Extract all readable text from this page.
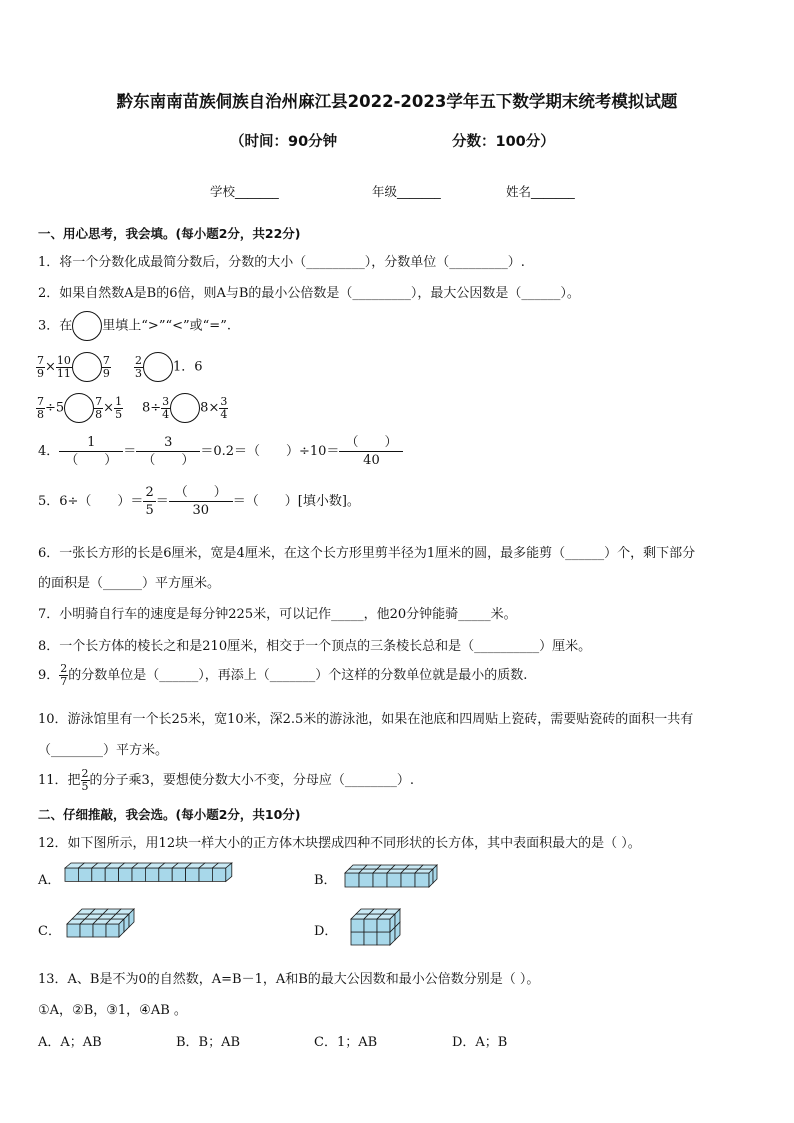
黔东南南苗族侗族自治州麻江县2022-2023学年五下数学期末统考模拟试题
（时间：90分钟	分数：100分）
学校_______	年级_______	姓名_______
一、用心思考，我会填。(每小题2分，共22分)
1．将一个分数化成最简分数后，分数的大小（_________），分数单位（_________）.
2．如果自然数A是B的6倍，则A与B的最小公倍数是（_________），最大公因数是（______）。
3．在 里填上“>”“<”或“=”.
$\frac{7}{9} \times \frac{10}{11}$	$\frac{7}{9} \frac{2}{3} 1$．6
$\frac{7}{8} \div 5$	$\frac{7}{8} \times \frac{1}{5} 8\div \frac{3}{4} 8\times \frac{3}{4}$
4．
1
（　　）
＝
3
（　　）
＝0.2＝（　　）÷10＝
（　　）
40
5．6÷（　　）＝ $\frac{2}{5}$ ＝
（　　）
30
＝（　　）[填小数]。
6．一张长方形的长是6厘米，宽是4厘米，在这个长方形里剪半径为1厘米的圆，最多能剪（______）个，剩下部分
的面积是（______）平方厘米。
7．小明骑自行车的速度是每分钟225米，可以记作_____，他20分钟能骑_____米。
8．一个长方体的棱长之和是210厘米，相交于一个顶点的三条棱长总和是（__________）厘米。
9． $\frac{2}{7}$ 的分数单位是（______），再添上（_______）个这样的分数单位就是最小的质数.
10．游泳馆里有一个长25米，宽10米，深2.5米的游泳池，如果在池底和四周贴上瓷砖，需要贴瓷砖的面积一共有
（________）平方米。
11．把 $\frac{2}{5}$ 的分子乘3，要想使分数大小不变，分母应（________）.
二、仔细推敲，我会选。(每小题2分，共10分)
12．如下图所示，用12块一样大小的正方体木块摆成四种不同形状的长方体，其中表面积最大的是（ ）。
A．	B．
C．	D．
13．A、B是不为0的自然数，A=B－1，A和B的最大公因数和最小公倍数分别是（ ）。
①A，②B，③1，④AB 。
A．A；AB	B．B；AB	C．1；AB	D．A；B
